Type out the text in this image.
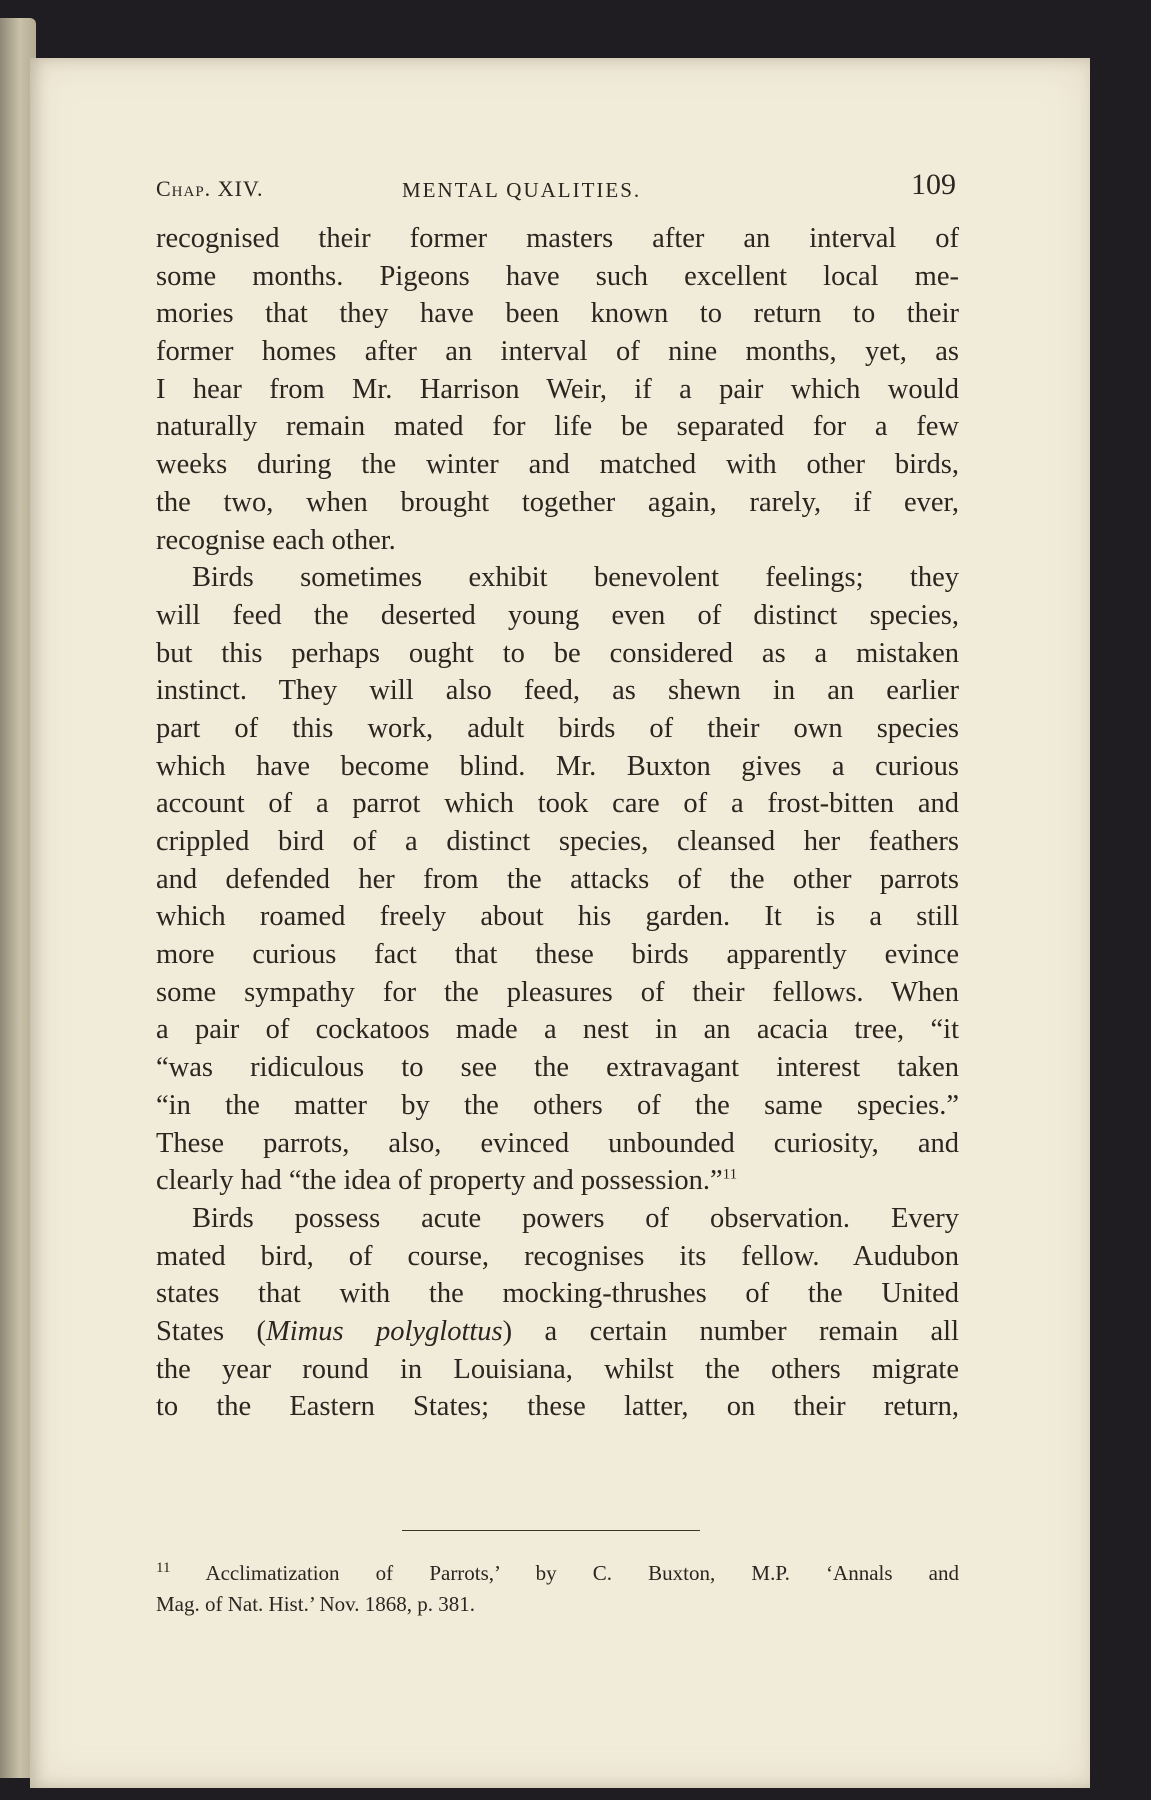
Chap. XIV.	MENTAL QUALITIES.	109
recognised their former masters after an interval of
some months. Pigeons have such excellent local me-
mories that they have been known to return to their
former homes after an interval of nine months, yet, as
I hear from Mr. Harrison Weir, if a pair which would
naturally remain mated for life be separated for a few
weeks during the winter and matched with other birds,
the two, when brought together again, rarely, if ever,
recognise each other.
Birds sometimes exhibit benevolent feelings; they
will feed the deserted young even of distinct species,
but this perhaps ought to be considered as a mistaken
instinct. They will also feed, as shewn in an earlier
part of this work, adult birds of their own species
which have become blind. Mr. Buxton gives a curious
account of a parrot which took care of a frost-bitten and
crippled bird of a distinct species, cleansed her feathers
and defended her from the attacks of the other parrots
which roamed freely about his garden. It is a still
more curious fact that these birds apparently evince
some sympathy for the pleasures of their fellows. When
a pair of cockatoos made a nest in an acacia tree, “it
“was ridiculous to see the extravagant interest taken
“in the matter by the others of the same species.”
These parrots, also, evinced unbounded curiosity, and
clearly had “the idea of property and possession.”$^{11}$
Birds possess acute powers of observation. Every
mated bird, of course, recognises its fellow. Audubon
states that with the mocking-thrushes of the United
States (Mimus polyglottus) a certain number remain all
the year round in Louisiana, whilst the others migrate
to the Eastern States; these latter, on their return,
$^{11}$ Acclimatization of Parrots,’ by C. Buxton, M.P. ‘Annals and
Mag. of Nat. Hist.’ Nov. 1868, p. 381.
